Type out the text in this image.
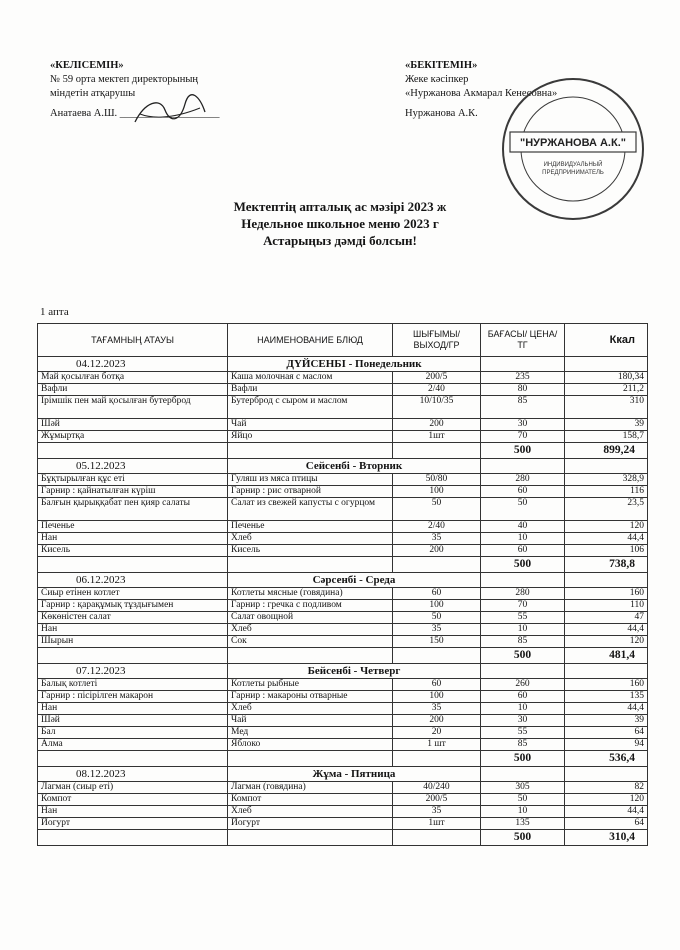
«КЕЛІСЕМІН»
№ 59 орта мектеп директорының
міндетін атқарушы
Анатаева А.Ш. ___________________
«БЕКІТЕМІН»
Жеке кәсіпкер
«Нуржанова Акмарал Кенесовна»
Нуржанова А.К.
"НУРЖАНОВА А.К."
ИНДИВИДУАЛЬНЫЙ
ПРЕДПРИНИМАТЕЛЬ
Мектептің апталық ас мәзірі 2023 ж
Недельное школьное меню 2023 г
Астарыңыз дәмді болсын!
1 апта
ТАҒАМНЫҢ АТАУЫ	НАИМЕНОВАНИЕ БЛЮД	ШЫҒЫМЫ/ ВЫХОД/ГР	БАҒАСЫ/ ЦЕНА/ТГ	Ккал
04.12.2023	ДҮЙСЕНБІ - Понедельник			
Май қосылған ботқа	Каша молочная с маслом	200/5	235	180,34
Вафли	Вафли	2/40	80	211,2
Ірімшік пен май қосылған бутерброд	Бутерброд с сыром и маслом	10/10/35	85	310
Шәй	Чай	200	30	39
Жұмыртқа	Яйцо	1шт	70	158,7
			500	899,24
05.12.2023	Сейсенбі - Вторник			
Бұқтырылған құс еті	Гуляш из мяса птицы	50/80	280	328,9
Гарнир : қайнатылған күріш	Гарнир : рис отварной	100	60	116
Балғын қырыққабат пен қияр салаты	Салат из свежей капусты с огурцом	50	50	23,5
Печенье	Печенье	2/40	40	120
Нан	Хлеб	35	10	44,4
Кисель	Кисель	200	60	106
			500	738,8
06.12.2023	Сәрсенбі - Среда			
Сиыр етінен котлет	Котлеты мясные (говядина)	60	280	160
Гарнир : қарақұмық тұздығымен	Гарнир : гречка с подливом	100	70	110
Көкөністен салат	Салат овощной	50	55	47
Нан	Хлеб	35	10	44,4
Шырын	Сок	150	85	120
			500	481,4
07.12.2023	Бейсенбі - Четверг			
Балық котлеті	Котлеты рыбные	60	260	160
Гарнир : пісірілген макарон	Гарнир : макароны отварные	100	60	135
Нан	Хлеб	35	10	44,4
Шәй	Чай	200	30	39
Бал	Мед	20	55	64
Алма	Яблоко	1 шт	85	94
			500	536,4
08.12.2023	Жұма - Пятница			
Лагман (сиыр еті)	Лагман (говядина)	40/240	305	82
Компот	Компот	200/5	50	120
Нан	Хлеб	35	10	44,4
Йогурт	Йогурт	1шт	135	64
			500	310,4
